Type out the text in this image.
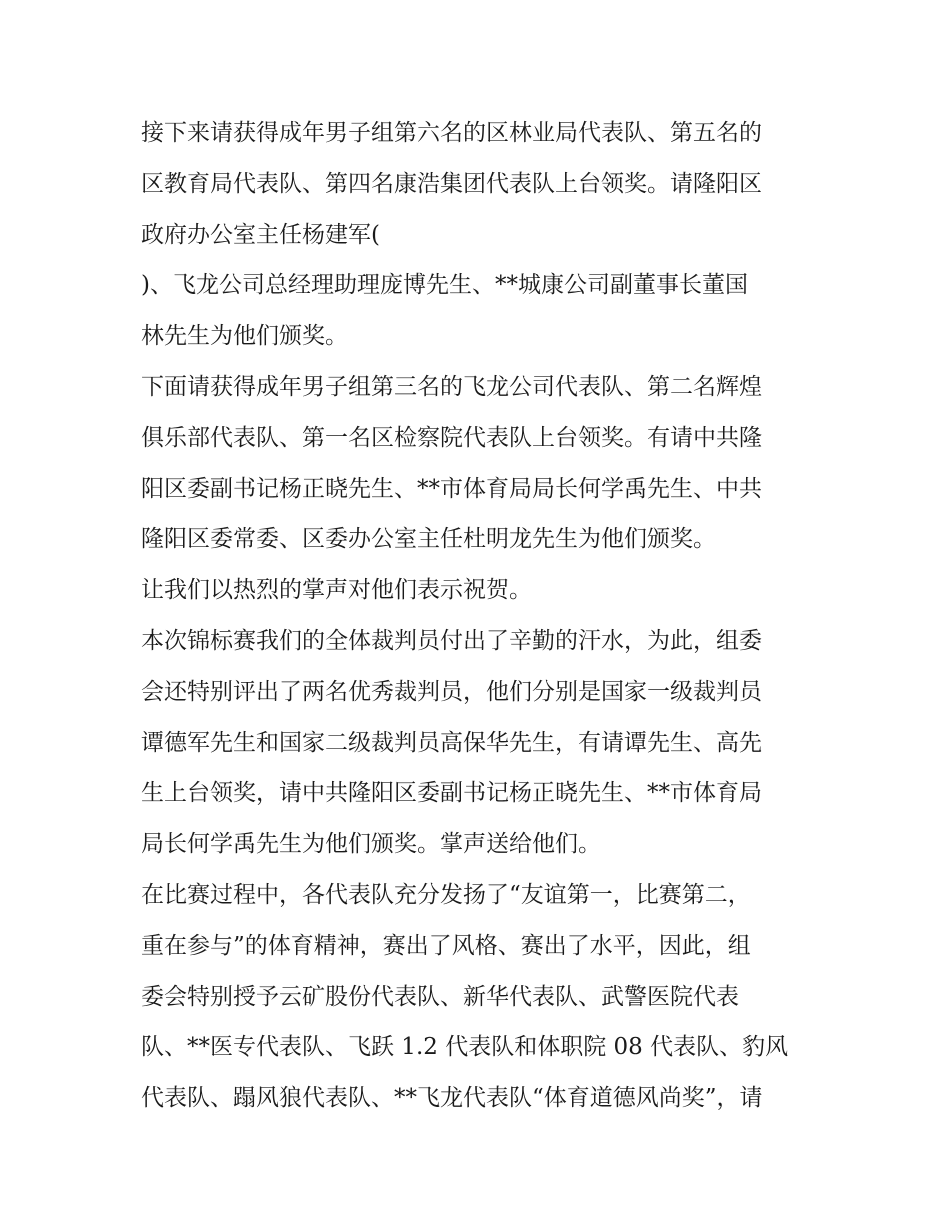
接下来请获得成年男子组第六名的区林业局代表队、第五名的
区教育局代表队、第四名康浩集团代表队上台领奖。请隆阳区
政府办公室主任杨建军(
)、飞龙公司总经理助理庞博先生、**城康公司副董事长董国
林先生为他们颁奖。
下面请获得成年男子组第三名的飞龙公司代表队、第二名辉煌
俱乐部代表队、第一名区检察院代表队上台领奖。有请中共隆
阳区委副书记杨正晓先生、**市体育局局长何学禹先生、中共
隆阳区委常委、区委办公室主任杜明龙先生为他们颁奖。
让我们以热烈的掌声对他们表示祝贺。
本次锦标赛我们的全体裁判员付出了辛勤的汗水，为此，组委
会还特别评出了两名优秀裁判员，他们分别是国家一级裁判员
谭德军先生和国家二级裁判员高保华先生，有请谭先生、高先
生上台领奖，请中共隆阳区委副书记杨正晓先生、**市体育局
局长何学禹先生为他们颁奖。掌声送给他们。
在比赛过程中，各代表队充分发扬了“友谊第一，比赛第二，
重在参与”的体育精神，赛出了风格、赛出了水平，因此，组
委会特别授予云矿股份代表队、新华代表队、武警医院代表
队、**医专代表队、飞跃 1.2 代表队和体职院 08 代表队、豹风
代表队、蹋风狼代表队、**飞龙代表队“体育道德风尚奖”，请
